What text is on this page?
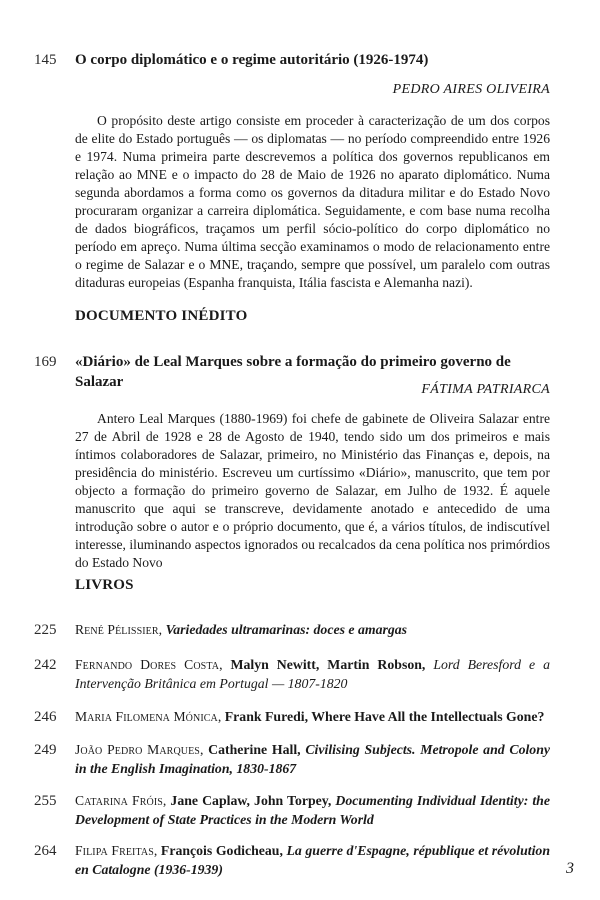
145	O corpo diplomático e o regime autoritário (1926-1974)
PEDRO AIRES OLIVEIRA
O propósito deste artigo consiste em proceder à caracterização de um dos corpos de elite do Estado português — os diplomatas — no período compreendido entre 1926 e 1974. Numa primeira parte descrevemos a política dos governos republicanos em relação ao MNE e o impacto do 28 de Maio de 1926 no aparato diplomático. Numa segunda abordamos a forma como os governos da ditadura militar e do Estado Novo procuraram organizar a carreira diplomática. Seguidamente, e com base numa recolha de dados biográficos, traçamos um perfil sócio-político do corpo diplomático no período em apreço. Numa última secção examinamos o modo de relacionamento entre o regime de Salazar e o MNE, traçando, sempre que possível, um paralelo com outras ditaduras europeias (Espanha franquista, Itália fascista e Alemanha nazi).
DOCUMENTO INÉDITO
169	«Diário» de Leal Marques sobre a formação do primeiro governo de Salazar	FÁTIMA PATRIARCA
Antero Leal Marques (1880-1969) foi chefe de gabinete de Oliveira Salazar entre 27 de Abril de 1928 e 28 de Agosto de 1940, tendo sido um dos primeiros e mais íntimos colaboradores de Salazar, primeiro, no Ministério das Finanças e, depois, na presidência do ministério. Escreveu um curtíssimo «Diário», manuscrito, que tem por objecto a formação do primeiro governo de Salazar, em Julho de 1932. É aquele manuscrito que aqui se transcreve, devidamente anotado e antecedido de uma introdução sobre o autor e o próprio documento, que é, a vários títulos, de indiscutível interesse, iluminando aspectos ignorados ou recalcados da cena política nos primórdios do Estado Novo
LIVROS
225	René Pélissier, Variedades ultramarinas: doces e amargas
242	Fernando Dores Costa, Malyn Newitt, Martin Robson, Lord Beresford e a Intervenção Britânica em Portugal — 1807-1820
246	Maria Filomena Mónica, Frank Furedi, Where Have All the Intellectuals Gone?
249	João Pedro Marques, Catherine Hall, Civilising Subjects. Metropole and Colony in the English Imagination, 1830-1867
255	Catarina Fróis, Jane Caplaw, John Torpey, Documenting Individual Identity: the Development of State Practices in the Modern World
264	Filipa Freitas, François Godicheau, La guerre d'Espagne, république et révolution en Catalogne (1936-1939)	3
